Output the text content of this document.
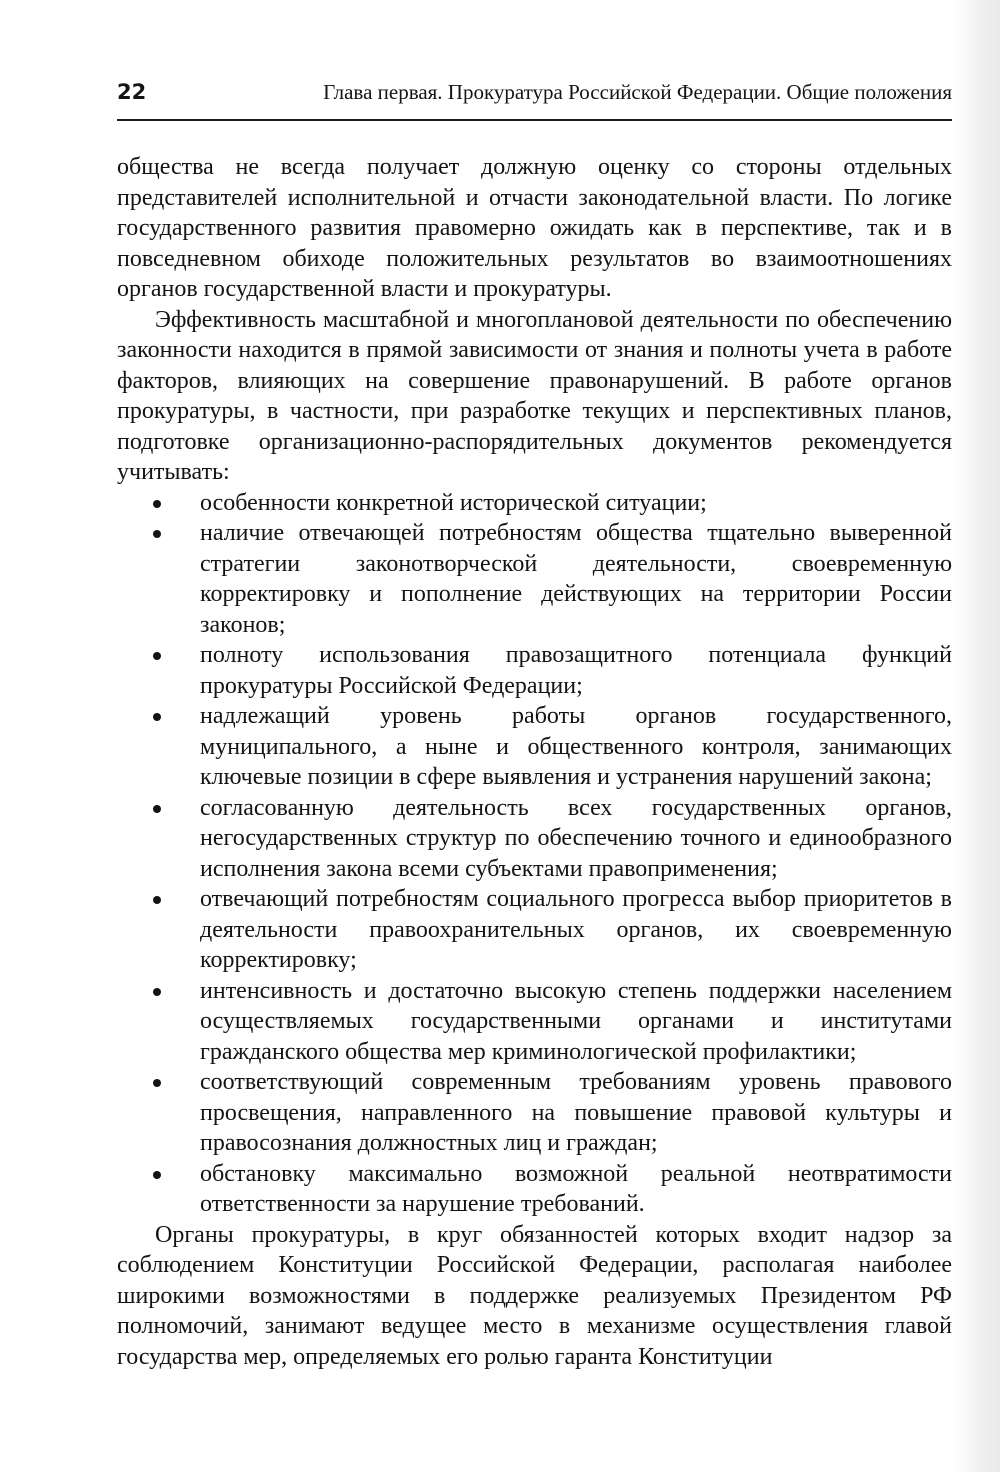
22	Глава первая. Прокуратура Российской Федерации. Общие положения

общества не всегда получает должную оценку со стороны отдельных представителей исполнительной и отчасти законодательной власти. По логике государственного развития правомерно ожидать как в перспективе, так и в повседневном обиходе положительных результатов во взаимоотношениях органов государственной власти и прокуратуры.

Эффективность масштабной и многоплановой деятельности по обеспечению законности находится в прямой зависимости от знания и полноты учета в работе факторов, влияющих на совершение правонарушений. В работе органов прокуратуры, в частности, при разработке текущих и перспективных планов, подготовке организационно-распорядительных документов рекомендуется учитывать:

особенности конкретной исторической ситуации;
наличие отвечающей потребностям общества тщательно выверенной стратегии законотворческой деятельности, своевременную корректировку и пополнение действующих на территории России законов;
полноту использования правозащитного потенциала функций прокуратуры Российской Федерации;
надлежащий уровень работы органов государственного, муниципального, а ныне и общественного контроля, занимающих ключевые позиции в сфере выявления и устранения нарушений закона;
согласованную деятельность всех государственных органов, негосударственных структур по обеспечению точного и единообразного исполнения закона всеми субъектами правоприменения;
отвечающий потребностям социального прогресса выбор приоритетов в деятельности правоохранительных органов, их своевременную корректировку;
интенсивность и достаточно высокую степень поддержки населением осуществляемых государственными органами и институтами гражданского общества мер криминологической профилактики;
соответствующий современным требованиям уровень правового просвещения, направленного на повышение правовой культуры и правосознания должностных лиц и граждан;
обстановку максимально возможной реальной неотвратимости ответственности за нарушение требований.

Органы прокуратуры, в круг обязанностей которых входит надзор за соблюдением Конституции Российской Федерации, располагая наиболее широкими возможностями в поддержке реализуемых Президентом РФ полномочий, занимают ведущее место в механизме осуществления главой государства мер, определяемых его ролью гаранта Конституции
